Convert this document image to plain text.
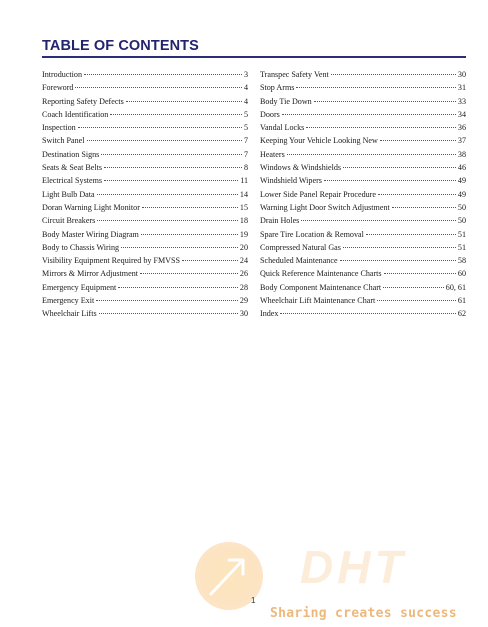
TABLE OF CONTENTS
Introduction	3
Foreword	4
Reporting Safety Defects	4
Coach Identification	5
Inspection	5
Switch Panel	7
Destination Signs	7
Seats & Seat Belts	8
Electrical Systems	11
Light Bulb Data	14
Doran Warning Light Monitor	15
Circuit Breakers	18
Body Master Wiring Diagram	19
Body to Chassis Wiring	20
Visibility Equipment Required by FMVSS	24
Mirrors & Mirror Adjustment	26
Emergency Equipment	28
Emergency Exit	29
Wheelchair Lifts	30
Transpec Safety Vent	30
Stop Arms	31
Body Tie Down	33
Doors	34
Vandal Locks	36
Keeping Your Vehicle Looking New	37
Heaters	38
Windows & Windshields	46
Windshield Wipers	49
Lower Side Panel Repair Procedure	49
Warning Light Door Switch Adjustment	50
Drain Holes	50
Spare Tire Location & Removal	51
Compressed Natural Gas	51
Scheduled Maintenance	58
Quick Reference Maintenance Charts	60
Body Component Maintenance Chart	60, 61
Wheelchair Lift Maintenance Chart	61
Index	62
DHT
Sharing creates success
1
